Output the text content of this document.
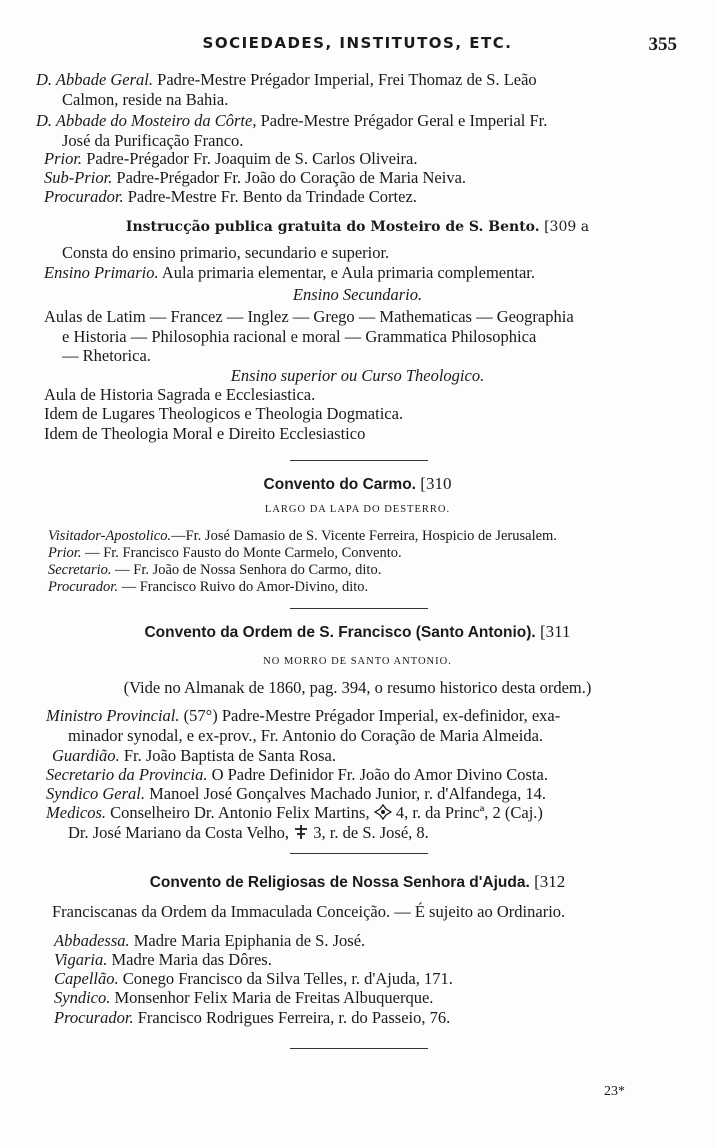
SOCIEDADES, INSTITUTOS, ETC.	355
D. Abbade Geral. Padre-Mestre Prégador Imperial, Frei Thomaz de S. Leão
Calmon, reside na Bahia.
D. Abbade do Mosteiro da Côrte, Padre-Mestre Prégador Geral e Imperial Fr.
José da Purificação Franco.
Prior. Padre-Prégador Fr. Joaquim de S. Carlos Oliveira.
Sub-Prior. Padre-Prégador Fr. João do Coração de Maria Neiva.
Procurador. Padre-Mestre Fr. Bento da Trindade Cortez.
Instrucção publica gratuita do Mosteiro de S. Bento. [309 a
Consta do ensino primario, secundario e superior.
Ensino Primario. Aula primaria elementar, e Aula primaria complementar.
Ensino Secundario.
Aulas de Latim — Francez — Inglez — Grego — Mathematicas — Geographia
e Historia — Philosophia racional e moral — Grammatica Philosophica
— Rhetorica.
Ensino superior ou Curso Theologico.
Aula de Historia Sagrada e Ecclesiastica.
Idem de Lugares Theologicos e Theologia Dogmatica.
Idem de Theologia Moral e Direito Ecclesiastico
Convento do Carmo. [310
LARGO DA LAPA DO DESTERRO.
Visitador-Apostolico.—Fr. José Damasio de S. Vicente Ferreira, Hospicio de Jerusalem.
Prior. — Fr. Francisco Fausto do Monte Carmelo, Convento.
Secretario. — Fr. João de Nossa Senhora do Carmo, dito.
Procurador. — Francisco Ruivo do Amor-Divino, dito.
Convento da Ordem de S. Francisco (Santo Antonio). [311
NO MORRO DE SANTO ANTONIO.
(Vide no Almanak de 1860, pag. 394, o resumo historico desta ordem.)
Ministro Provincial. (57°) Padre-Mestre Prégador Imperial, ex-definidor, exa-
minador synodal, e ex-prov., Fr. Antonio do Coração de Maria Almeida.
Guardião. Fr. João Baptista de Santa Rosa.
Secretario da Provincia. O Padre Definidor Fr. João do Amor Divino Costa.
Syndico Geral. Manoel José Gonçalves Machado Junior, r. d'Alfandega, 14.
Medicos. Conselheiro Dr. Antonio Felix Martins,  4, r. da Princª, 2 (Caj.)
Dr. José Mariano da Costa Velho,  3, r. de S. José, 8.
Convento de Religiosas de Nossa Senhora d'Ajuda. [312
Franciscanas da Ordem da Immaculada Conceição. — É sujeito ao Ordinario.
Abbadessa. Madre Maria Epiphania de S. José.
Vigaria. Madre Maria das Dôres.
Capellão. Conego Francisco da Silva Telles, r. d'Ajuda, 171.
Syndico. Monsenhor Felix Maria de Freitas Albuquerque.
Procurador. Francisco Rodrigues Ferreira, r. do Passeio, 76.
23*
